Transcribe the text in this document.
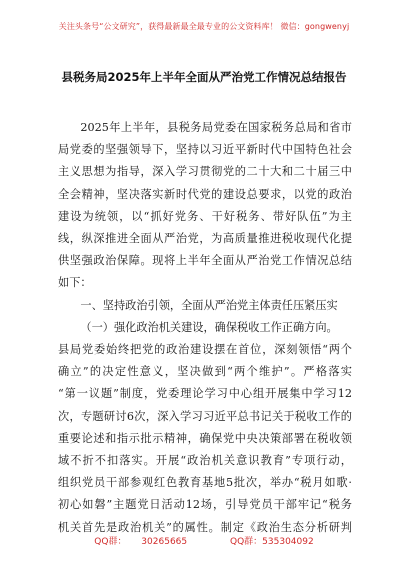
关注头条号“公文研究”，获得最新最全最专业的公文资料库！ 微信：gongwenyj
县税务局2025年上半年全面从严治党工作情况总结报告

2025年上半年，县税务局党委在国家税务总局和省市

局党委的坚强领导下，坚持以习近平新时代中国特色社会

主义思想为指导，深入学习贯彻党的二十大和二十届三中

全会精神，坚决落实新时代党的建设总要求，以党的政治

建设为统领，以“抓好党务、干好税务、带好队伍”为主

线，纵深推进全面从严治党，为高质量推进税收现代化提

供坚强政治保障。现将上半年全面从严治党工作情况总结

如下：

一、坚持政治引领，全面从严治党主体责任压紧压实

（一）强化政治机关建设，确保税收工作正确方向。

县局党委始终把党的政治建设摆在首位，深刻领悟“两个

确立”的决定性意义，坚决做到“两个维护”。严格落实

“第一议题”制度，党委理论学习中心组开展集中学习12

次，专题研讨6次，深入学习习近平总书记关于税收工作的

重要论述和指示批示精神，确保党中央决策部署在税收领

域不折不扣落实。开展“政治机关意识教育”专项行动，

组织党员干部参观红色教育基地5批次，举办“税月如歌·

初心如磐”主题党日活动12场，引导党员干部牢记“税务

机关首先是政治机关”的属性。制定《政治生态分析研判

QQ群： 30265665	QQ群：535304092
